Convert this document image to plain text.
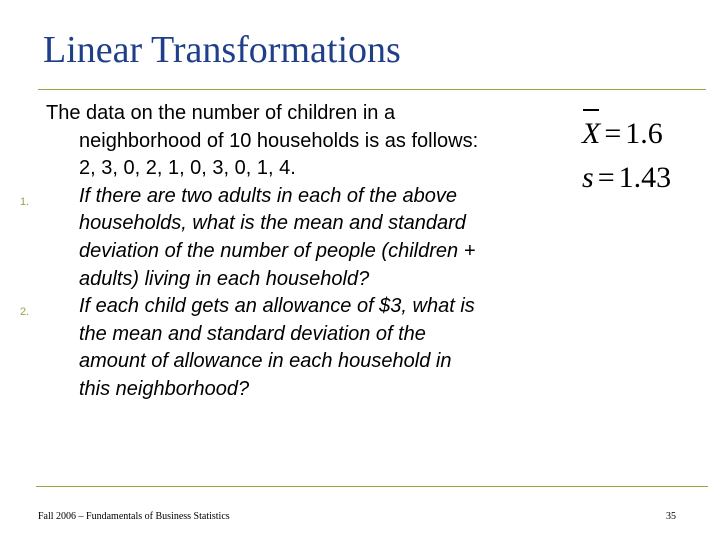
Linear Transformations

The data on the number of children in a neighborhood of 10 households is as follows: 2, 3, 0, 2, 1, 0, 3, 0, 1, 4.

1. If there are two adults in each of the above households, what is the mean and standard deviation of the number of people (children + adults) living in each household?
2. If each child gets an allowance of $3, what is the mean and standard deviation of the amount of allowance in each household in this neighborhood?
X = 1.6
s = 1.43
Fall 2006 – Fundamentals of Business Statistics	35
